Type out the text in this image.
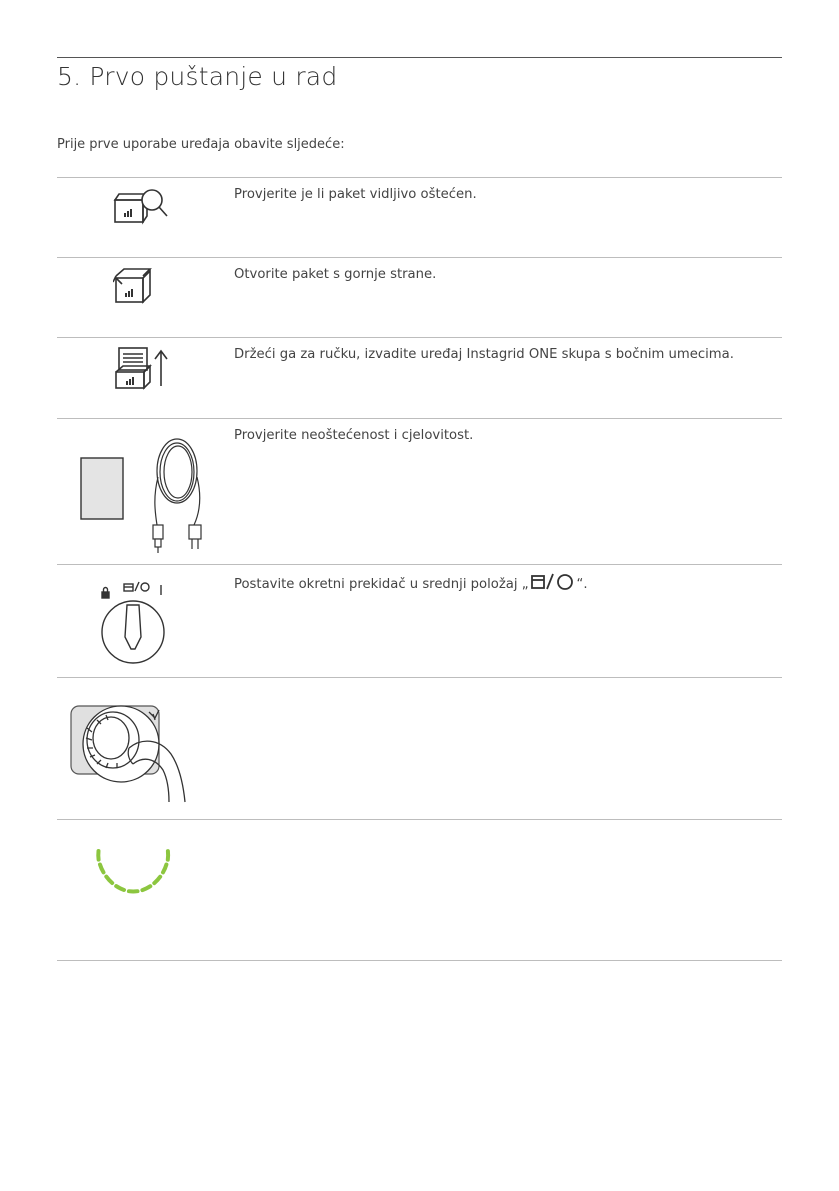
5. Prvo puštanje u rad
Prije prve uporabe uređaja obavite sljedeće:
Provjerite je li paket vidljivo oštećen.
Otvorite paket s gornje strane.
Držeći ga za ručku, izvadite uređaj Instagrid ONE skupa s bočnim umecima.
Provjerite neoštećenost i cjelovitost.
Postavite okretni prekidač u srednji položaj „	“.
